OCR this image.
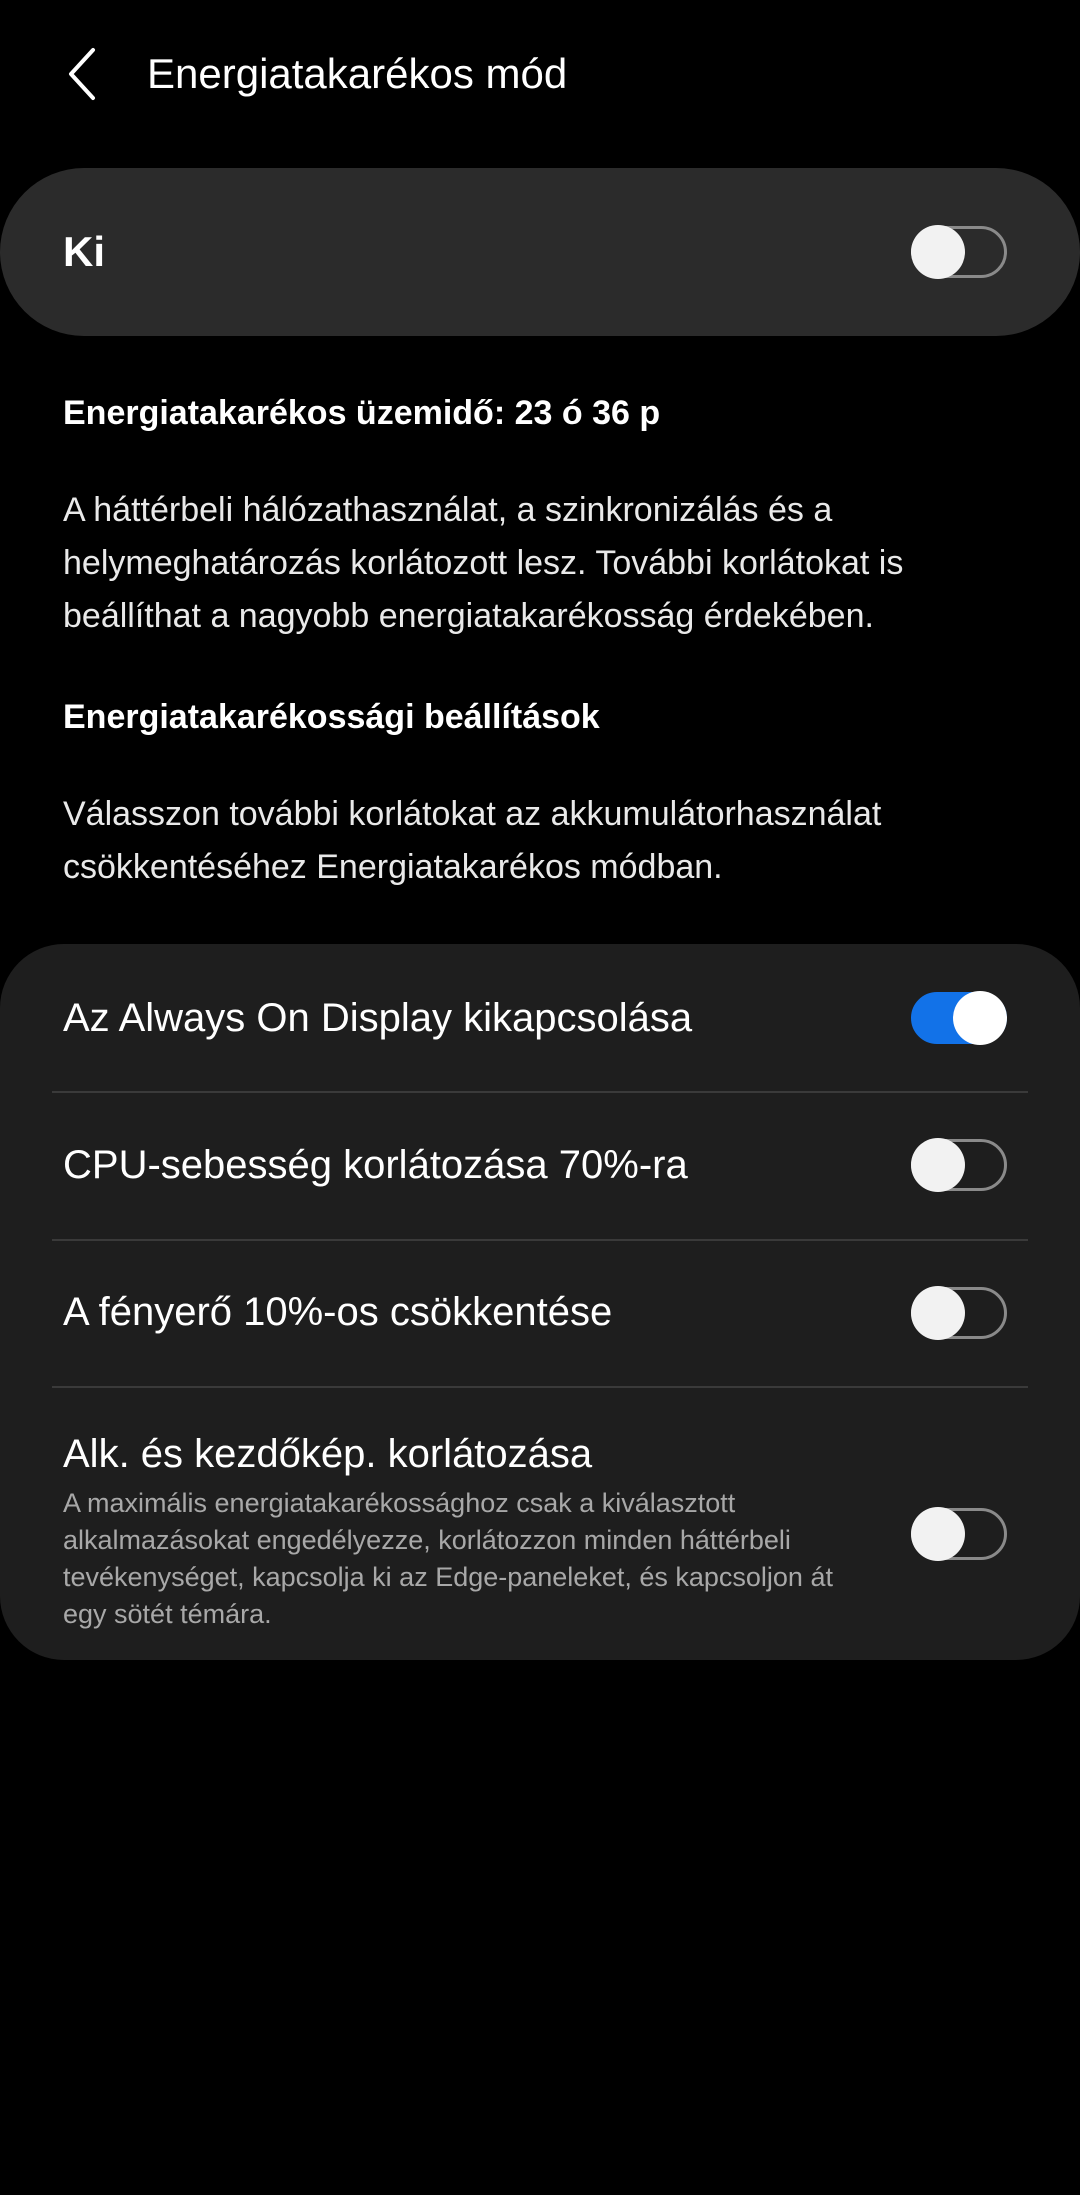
Energiatakarékos mód
Ki
Energiatakarékos üzemidő: 23 ó 36 p
A háttérbeli hálózathasználat, a szinkronizálás és a helymeghatározás korlátozott lesz. További korlátokat is beállíthat a nagyobb energiatakarékosság érdekében.
Energiatakarékossági beállítások
Válasszon további korlátokat az akkumulátorhasználat csökkentéséhez Energiatakarékos módban.
Az Always On Display kikapcsolása
CPU-sebesség korlátozása 70%-ra
A fényerő 10%-os csökkentése
Alk. és kezdőkép. korlátozása
A maximális energiatakarékossághoz csak a kiválasztott alkalmazásokat engedélyezze, korlátozzon minden háttérbeli tevékenységet, kapcsolja ki az Edge-paneleket, és kapcsoljon át egy sötét témára.
